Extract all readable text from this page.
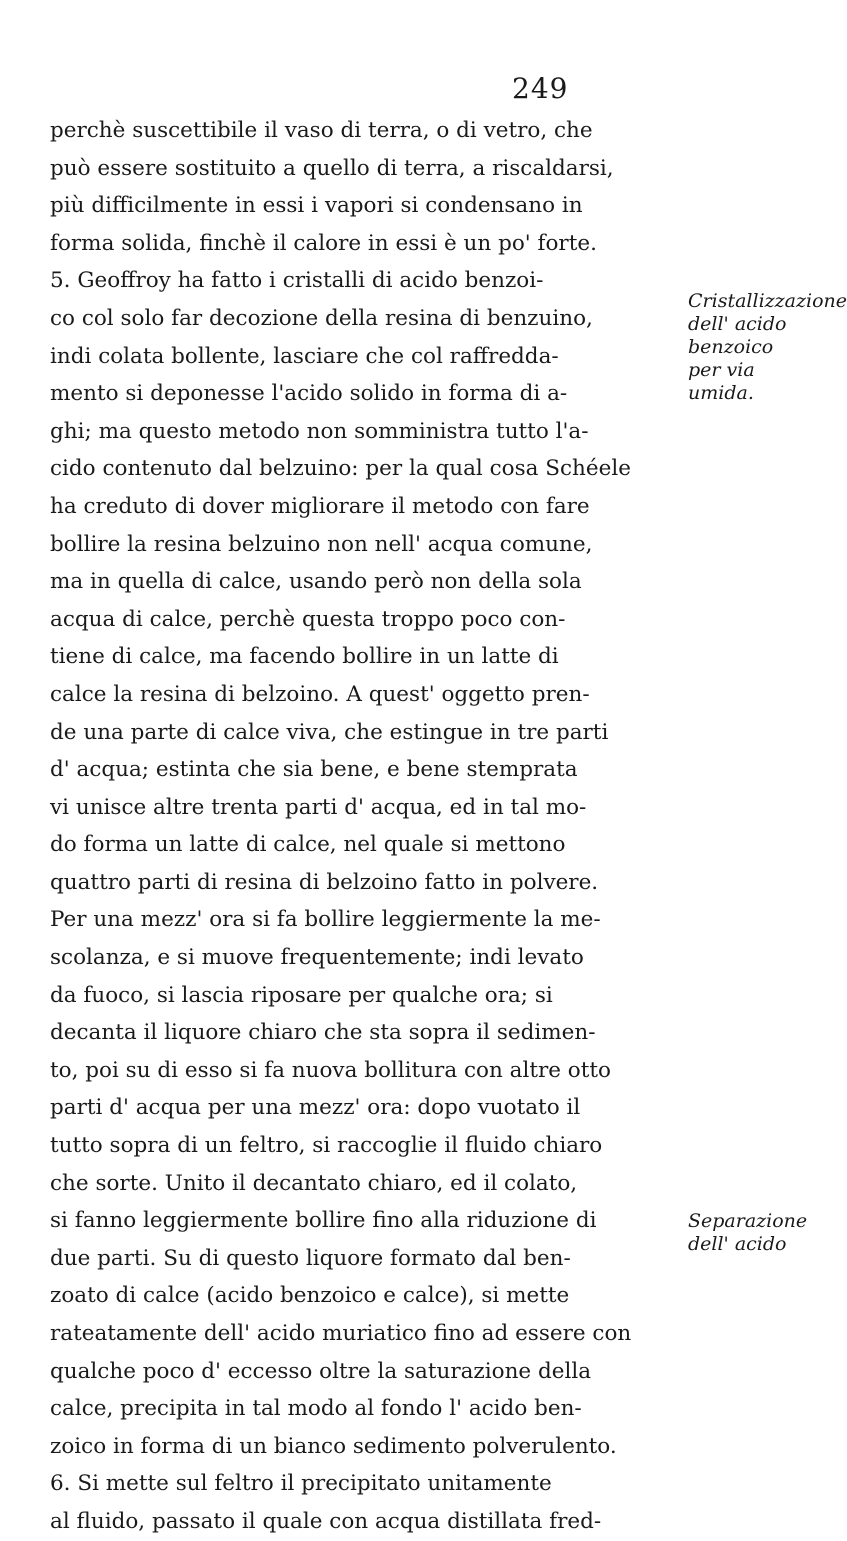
249
perchè suscettibile il vaso di terra, o di vetro, che
può essere sostituito a quello di terra, a riscaldarsi,
più difficilmente in essi i vapori si condensano in
forma solida, finchè il calore in essi è un po' forte.
5. Geoffroy ha fatto i cristalli di acido benzoi-
co col solo far decozione della resina di benzuino,
indi colata bollente, lasciare che col raffredda-
mento si deponesse l'acido solido in forma di a-
ghi; ma questo metodo non somministra tutto l'a-
cido contenuto dal belzuino: per la qual cosa Schéele
ha creduto di dover migliorare il metodo con fare
bollire la resina belzuino non nell' acqua comune,
ma in quella di calce, usando però non della sola
acqua di calce, perchè questa troppo poco con-
tiene di calce, ma facendo bollire in un latte di
calce la resina di belzoino. A quest' oggetto pren-
de una parte di calce viva, che estingue in tre parti
d' acqua; estinta che sia bene, e bene stemprata
vi unisce altre trenta parti d' acqua, ed in tal mo-
do forma un latte di calce, nel quale si mettono
quattro parti di resina di belzoino fatto in polvere.
Per una mezz' ora si fa bollire leggiermente la me-
scolanza, e si muove frequentemente; indi levato
da fuoco, si lascia riposare per qualche ora; si
decanta il liquore chiaro che sta sopra il sedimen-
to, poi su di esso si fa nuova bollitura con altre otto
parti d' acqua per una mezz' ora: dopo vuotato il
tutto sopra di un feltro, si raccoglie il fluido chiaro
che sorte. Unito il decantato chiaro, ed il colato,
si fanno leggiermente bollire fino alla riduzione di
due parti. Su di questo liquore formato dal ben-
zoato di calce (acido benzoico e calce), si mette
rateatamente dell' acido muriatico fino ad essere con
qualche poco d' eccesso oltre la saturazione della
calce, precipita in tal modo al fondo l' acido ben-
zoico in forma di un bianco sedimento polverulento.
6. Si mette sul feltro il precipitato unitamente
al fluido, passato il quale con acqua distillata fred-
Cristallizzazione dell' acido benzoico per via umida.
Separazione dell' acido
